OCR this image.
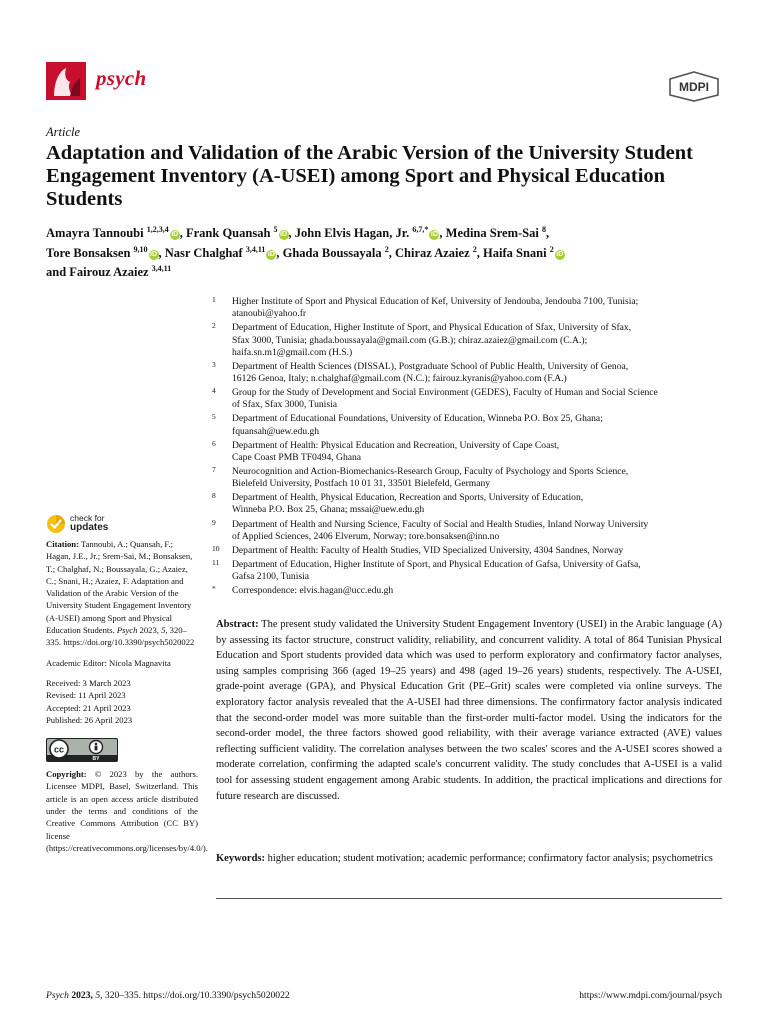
psych	MDPI
Article
Adaptation and Validation of the Arabic Version of the University Student Engagement Inventory (A-USEI) among Sport and Physical Education Students
Amayra Tannoubi $^{1,2,3,4}$iD , Frank Quansah $^5$iD , John Elvis Hagan, Jr. $^{6,7,*}$iD , Medina Srem-Sai $^8$,
Tore Bonsaksen $^{9,10}$iD , Nasr Chalghaf $^{3,4,11}$iD , Ghada Boussayala $^2$, Chiraz Azaiez $^2$, Haifa Snani $^2$iD
and Fairouz Azaiez $^{3,4,11}$
1 Higher Institute of Sport and Physical Education of Kef, University of Jendouba, Jendouba 7100, Tunisia;
atanoubi@yahoo.fr
2 Department of Education, Higher Institute of Sport, and Physical Education of Sfax, University of Sfax,
Sfax 3000, Tunisia; ghada.boussayala@gmail.com (G.B.); chiraz.azaiez@gmail.com (C.A.);
haifa.sn.m1@gmail.com (H.S.)
3 Department of Health Sciences (DISSAL), Postgraduate School of Public Health, University of Genoa,
16126 Genoa, Italy; n.chalghaf@gmail.com (N.C.); fairouz.kyranis@yahoo.com (F.A.)
4 Group for the Study of Development and Social Environment (GEDES), Faculty of Human and Social Science
of Sfax, Sfax 3000, Tunisia
5 Department of Educational Foundations, University of Education, Winneba P.O. Box 25, Ghana;
fquansah@uew.edu.gh
6 Department of Health: Physical Education and Recreation, University of Cape Coast,
Cape Coast PMB TF0494, Ghana
7 Neurocognition and Action-Biomechanics-Research Group, Faculty of Psychology and Sports Science,
Bielefeld University, Postfach 10 01 31, 33501 Bielefeld, Germany
8 Department of Health, Physical Education, Recreation and Sports, University of Education,
Winneba P.O. Box 25, Ghana; mssai@uew.edu.gh
9 Department of Health and Nursing Science, Faculty of Social and Health Studies, Inland Norway University
of Applied Sciences, 2406 Elverum, Norway; tore.bonsaksen@inn.no
10 Department of Health: Faculty of Health Studies, VID Specialized University, 4304 Sandnes, Norway
11 Department of Education, Higher Institute of Sport, and Physical Education of Gafsa, University of Gafsa,
Gafsa 2100, Tunisia
* Correspondence: elvis.hagan@ucc.edu.gh
check for
updates
Citation: Tannoubi, A.; Quansah, F.; Hagan, J.E., Jr.; Srem-Sai, M.; Bonsaksen, T.; Chalghaf, N.; Boussayala, G.; Azaiez, C.; Snani, H.; Azaiez, F. Adaptation and Validation of the Arabic Version of the University Student Engagement Inventory (A-USEI) among Sport and Physical Education Students. Psych 2023, 5, 320–335. https://doi.org/10.3390/psych5020022
Academic Editor: Nicola Magnavita
Received: 3 March 2023
Revised: 11 April 2023
Accepted: 21 April 2023
Published: 26 April 2023
cc
BY
Copyright: © 2023 by the authors. Licensee MDPI, Basel, Switzerland. This article is an open access article distributed under the terms and conditions of the Creative Commons Attribution (CC BY) license (https://creativecommons.org/licenses/by/4.0/).
Abstract: The present study validated the University Student Engagement Inventory (USEI) in the Arabic language (A) by assessing its factor structure, construct validity, reliability, and concurrent validity. A total of 864 Tunisian Physical Education and Sport students provided data which was used to perform exploratory and confirmatory factor analyses, using samples comprising 366 (aged 19–25 years) and 498 (aged 19–26 years) students, respectively. The A-USEI, grade-point average (GPA), and Physical Education Grit (PE–Grit) scales were completed via online surveys. The exploratory factor analysis revealed that the A-USEI had three dimensions. The confirmatory factor analysis indicated that the second-order model was more suitable than the first-order multi-factor model. Using the indicators for the second-order model, the three factors showed good reliability, with their average variance extracted (AVE) values reflecting sufficient validity. The correlation analyses between the two scales' scores and the A-USEI scores showed a moderate correlation, confirming the adapted scale's concurrent validity. The study concludes that A-USEI is a valid tool for assessing student engagement among Arabic students. In addition, the practical implications and directions for future research are discussed.
Keywords: higher education; student motivation; academic performance; confirmatory factor analysis; psychometrics
Psych 2023, 5, 320–335. https://doi.org/10.3390/psych5020022	https://www.mdpi.com/journal/psych
